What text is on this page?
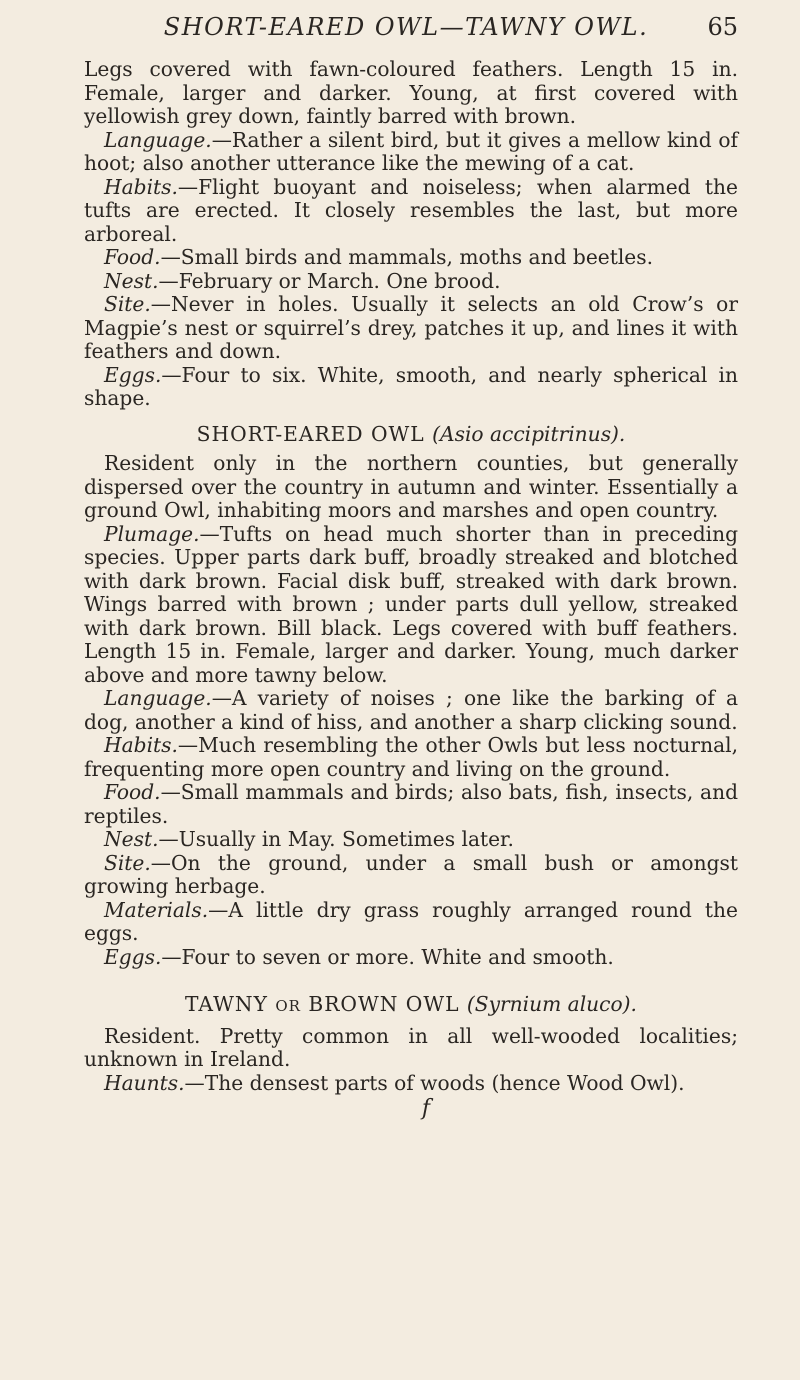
SHORT-EARED OWL—TAWNY OWL.	65

Legs covered with fawn-coloured feathers. Length 15 in. Female, larger and darker. Young, at first covered with yellowish grey down, faintly barred with brown.

Language.—Rather a silent bird, but it gives a mellow kind of hoot; also another utterance like the mewing of a cat.

Habits.—Flight buoyant and noiseless; when alarmed the tufts are erected. It closely resembles the last, but more arboreal.

Food.—Small birds and mammals, moths and beetles.

Nest.—February or March. One brood.

Site.—Never in holes. Usually it selects an old Crow’s or Magpie’s nest or squirrel’s drey, patches it up, and lines it with feathers and down.

Eggs.—Four to six. White, smooth, and nearly spherical in shape.

SHORT-EARED OWL (Asio accipitrinus).

Resident only in the northern counties, but generally dispersed over the country in autumn and winter. Essentially a ground Owl, inhabiting moors and marshes and open country.

Plumage.—Tufts on head much shorter than in preceding species. Upper parts dark buff, broadly streaked and blotched with dark brown. Facial disk buff, streaked with dark brown. Wings barred with brown ; under parts dull yellow, streaked with dark brown. Bill black. Legs covered with buff feathers. Length 15 in. Female, larger and darker. Young, much darker above and more tawny below.

Language.—A variety of noises ; one like the barking of a dog, another a kind of hiss, and another a sharp clicking sound.

Habits.—Much resembling the other Owls but less nocturnal, frequenting more open country and living on the ground.

Food.—Small mammals and birds; also bats, fish, insects, and reptiles.

Nest.—Usually in May. Sometimes later.

Site.—On the ground, under a small bush or amongst growing herbage.

Materials.—A little dry grass roughly arranged round the eggs.

Eggs.—Four to seven or more. White and smooth.

TAWNY OR BROWN OWL (Syrnium aluco).

Resident. Pretty common in all well-wooded localities; unknown in Ireland.

Haunts.—The densest parts of woods (hence Wood Owl).

f
